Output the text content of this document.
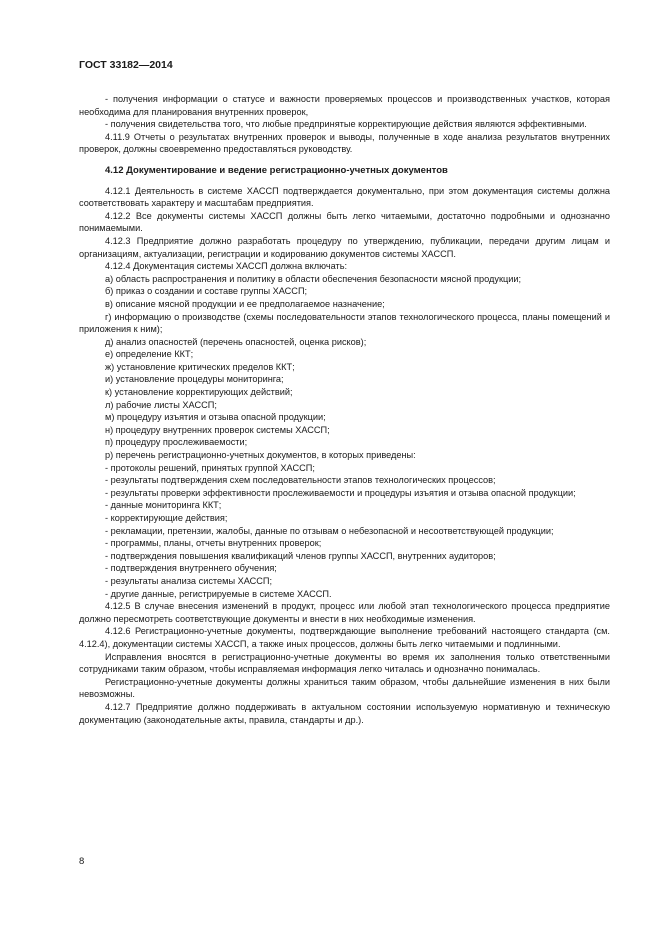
ГОСТ 33182—2014

- получения информации о статусе и важности проверяемых процессов и производственных участков, которая необходима для планирования внутренних проверок,

- получения свидетельства того, что любые предпринятые корректирующие действия являются эффективными.

4.11.9 Отчеты о результатах внутренних проверок и выводы, полученные в ходе анализа результатов внутренних проверок, должны своевременно предоставляться руководству.

4.12 Документирование и ведение регистрационно-учетных документов

4.12.1 Деятельность в системе ХАССП подтверждается документально, при этом документация системы должна соответствовать характеру и масштабам предприятия.

4.12.2 Все документы системы ХАССП должны быть легко читаемыми, достаточно подробными и однозначно понимаемыми.

4.12.3 Предприятие должно разработать процедуру по утверждению, публикации, передачи другим лицам и организациям, актуализации, регистрации и кодированию документов системы ХАССП.

4.12.4 Документация системы ХАССП должна включать:

а) область распространения и политику в области обеспечения безопасности мясной продукции;

б) приказ о создании и составе группы ХАССП;

в) описание мясной продукции и ее предполагаемое назначение;

г) информацию о производстве (схемы последовательности этапов технологического процесса, планы помещений и приложения к ним);

д) анализ опасностей (перечень опасностей, оценка рисков);

е) определение ККТ;

ж) установление критических пределов ККТ;

и) установление процедуры мониторинга;

к) установление корректирующих действий;

л) рабочие листы ХАССП;

м) процедуру изъятия и отзыва опасной продукции;

н) процедуру внутренних проверок системы ХАССП;

п) процедуру прослеживаемости;

р) перечень регистрационно-учетных документов, в которых приведены:

- протоколы решений, принятых группой ХАССП;

- результаты подтверждения схем последовательности этапов технологических процессов;

- результаты проверки эффективности прослеживаемости и процедуры изъятия и отзыва опасной продукции;

- данные мониторинга ККТ;

- корректирующие действия;

- рекламации, претензии, жалобы, данные по отзывам о небезопасной и несоответствующей продукции;

- программы, планы, отчеты внутренних проверок;

- подтверждения повышения квалификаций членов группы ХАССП, внутренних аудиторов;

- подтверждения внутреннего обучения;

- результаты анализа системы ХАССП;

- другие данные, регистрируемые в системе ХАССП.

4.12.5 В случае внесения изменений в продукт, процесс или любой этап технологического процесса предприятие должно пересмотреть соответствующие документы и внести в них необходимые изменения.

4.12.6 Регистрационно-учетные документы, подтверждающие выполнение требований настоящего стандарта (см. 4.12.4), документации системы ХАССП, а также иных процессов, должны быть легко читаемыми и подлинными.

Исправления вносятся в регистрационно-учетные документы во время их заполнения только ответственными сотрудниками таким образом, чтобы исправляемая информация легко читалась и однозначно понималась.

Регистрационно-учетные документы должны храниться таким образом, чтобы дальнейшие изменения в них были невозможны.

4.12.7 Предприятие должно поддерживать в актуальном состоянии используемую нормативную и техническую документацию (законодательные акты, правила, стандарты и др.).

8
